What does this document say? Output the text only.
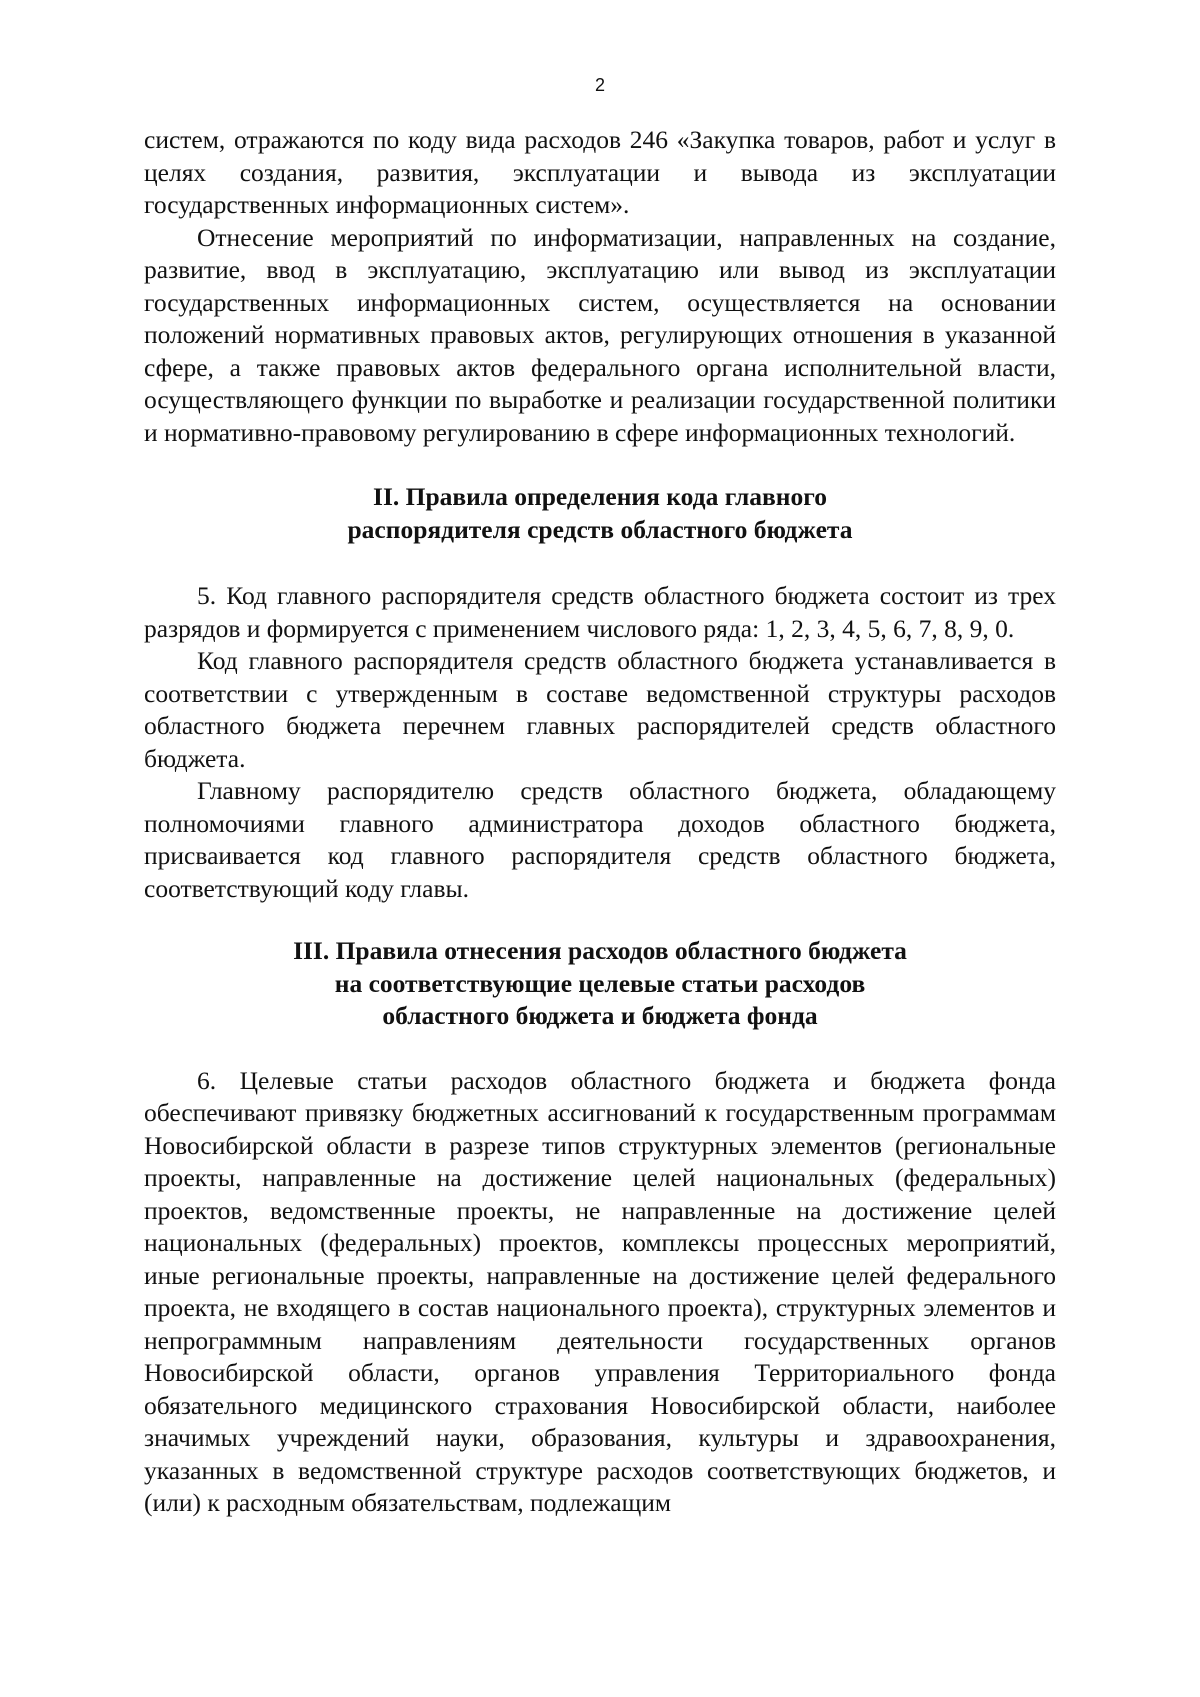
2

систем, отражаются по коду вида расходов 246 «Закупка товаров, работ и услуг в целях создания, развития, эксплуатации и вывода из эксплуатации государственных информационных систем».

Отнесение мероприятий по информатизации, направленных на создание, развитие, ввод в эксплуатацию, эксплуатацию или вывод из эксплуатации государственных информационных систем, осуществляется на основании положений нормативных правовых актов, регулирующих отношения в указанной сфере, а также правовых актов федерального органа исполнительной власти, осуществляющего функции по выработке и реализации государственной политики и нормативно-правовому регулированию в сфере информационных технологий.

II. Правила определения кода главного
распорядителя средств областного бюджета

5. Код главного распорядителя средств областного бюджета состоит из трех разрядов и формируется с применением числового ряда: 1, 2, 3, 4, 5, 6, 7, 8, 9, 0.

Код главного распорядителя средств областного бюджета устанавливается в соответствии с утвержденным в составе ведомственной структуры расходов областного бюджета перечнем главных распорядителей средств областного бюджета.

Главному распорядителю средств областного бюджета, обладающему полномочиями главного администратора доходов областного бюджета, присваивается код главного распорядителя средств областного бюджета, соответствующий коду главы.

III. Правила отнесения расходов областного бюджета
на соответствующие целевые статьи расходов
областного бюджета и бюджета фонда

6. Целевые статьи расходов областного бюджета и бюджета фонда обеспечивают привязку бюджетных ассигнований к государственным программам Новосибирской области в разрезе типов структурных элементов (региональные проекты, направленные на достижение целей национальных (федеральных) проектов, ведомственные проекты, не направленные на достижение целей национальных (федеральных) проектов, комплексы процессных мероприятий, иные региональные проекты, направленные на достижение целей федерального проекта, не входящего в состав национального проекта), структурных элементов и непрограммным направлениям деятельности государственных органов Новосибирской области, органов управления Территориального фонда обязательного медицинского страхования Новосибирской области, наиболее значимых учреждений науки, образования, культуры и здравоохранения, указанных в ведомственной структуре расходов соответствующих бюджетов, и (или) к расходным обязательствам, подлежащим
